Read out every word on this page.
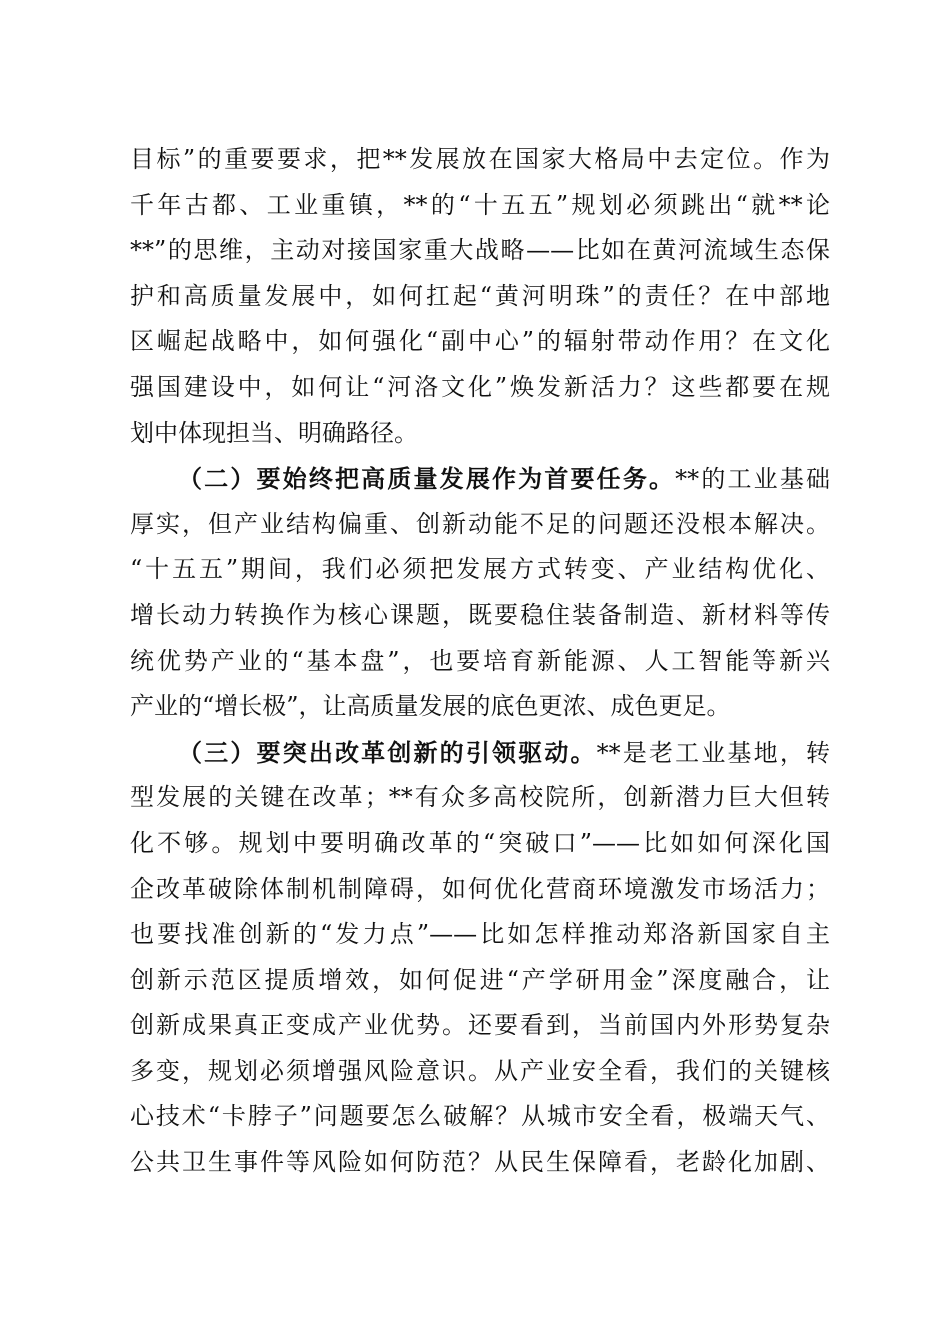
目标”的重要要求，把**发展放在国家大格局中去定位。作为
千年古都、工业重镇，**的“十五五”规划必须跳出“就**论
**”的思维，主动对接国家重大战略——比如在黄河流域生态保
护和高质量发展中，如何扛起“黄河明珠”的责任？在中部地
区崛起战略中，如何强化“副中心”的辐射带动作用？在文化
强国建设中，如何让“河洛文化”焕发新活力？这些都要在规
划中体现担当、明确路径。
（二）要始终把高质量发展作为首要任务。**的工业基础
厚实，但产业结构偏重、创新动能不足的问题还没根本解决。
“十五五”期间，我们必须把发展方式转变、产业结构优化、
增长动力转换作为核心课题，既要稳住装备制造、新材料等传
统优势产业的“基本盘”，也要培育新能源、人工智能等新兴
产业的“增长极”，让高质量发展的底色更浓、成色更足。
（三）要突出改革创新的引领驱动。**是老工业基地，转
型发展的关键在改革；**有众多高校院所，创新潜力巨大但转
化不够。规划中要明确改革的“突破口”——比如如何深化国
企改革破除体制机制障碍，如何优化营商环境激发市场活力；
也要找准创新的“发力点”——比如怎样推动郑洛新国家自主
创新示范区提质增效，如何促进“产学研用金”深度融合，让
创新成果真正变成产业优势。还要看到，当前国内外形势复杂
多变，规划必须增强风险意识。从产业安全看，我们的关键核
心技术“卡脖子”问题要怎么破解？从城市安全看，极端天气、
公共卫生事件等风险如何防范？从民生保障看，老龄化加剧、
